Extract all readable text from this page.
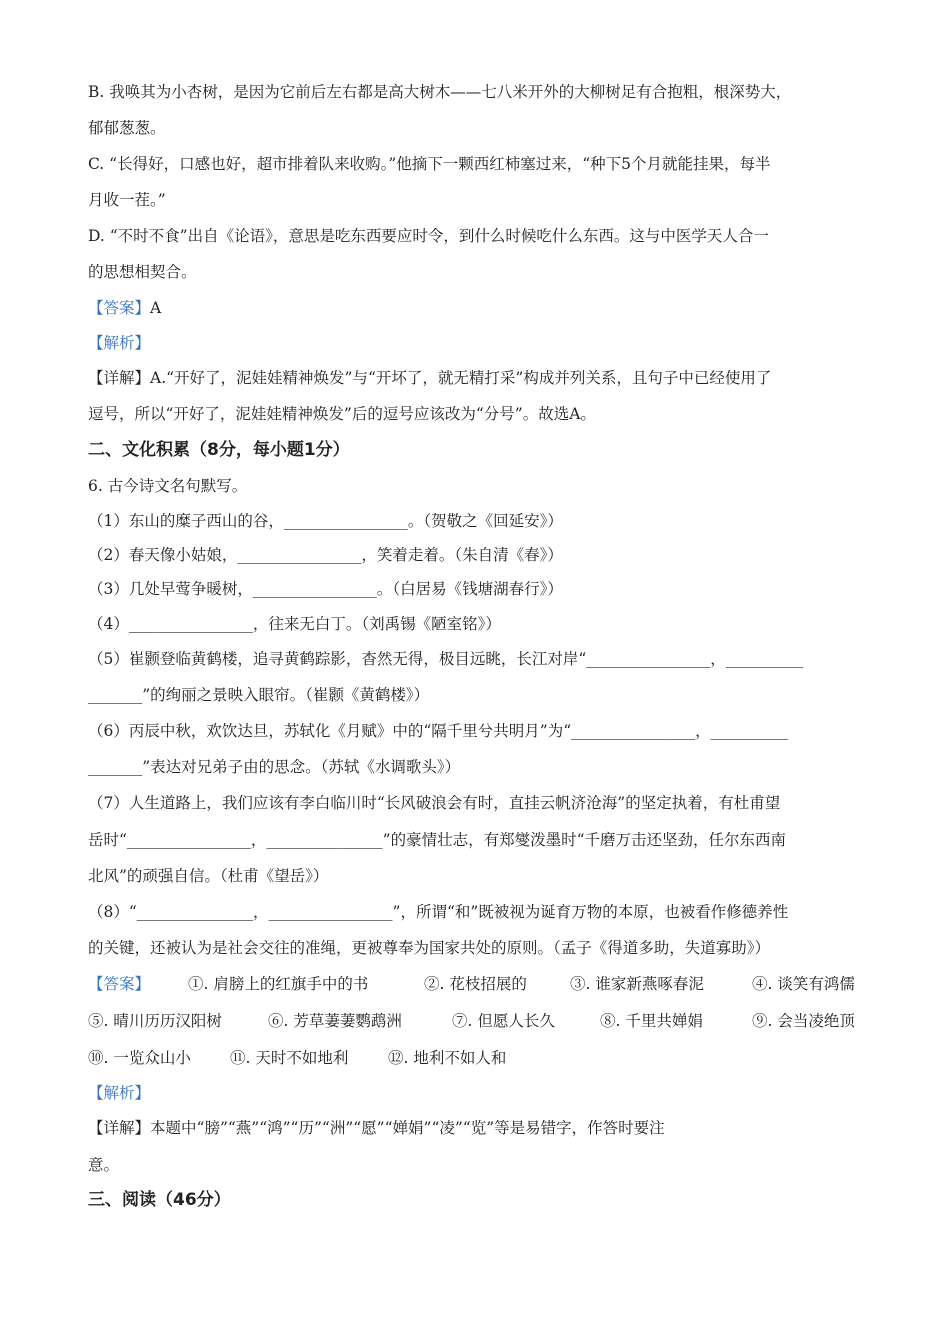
B. 我唤其为小杏树，是因为它前后左右都是高大树木——七八米开外的大柳树足有合抱粗，根深势大，
郁郁葱葱。
C. “长得好，口感也好，超市排着队来收购。”他摘下一颗西红柿塞过来，“种下5个月就能挂果，每半
月收一茬。”
D. “不时不食”出自《论语》，意思是吃东西要应时令，到什么时候吃什么东西。这与中医学天人合一
的思想相契合。
【答案】A
【解析】
【详解】A.“开好了，泥娃娃精神焕发”与“开坏了，就无精打采”构成并列关系，且句子中已经使用了
逗号，所以“开好了，泥娃娃精神焕发”后的逗号应该改为“分号”。故选A。
二、文化积累（8分，每小题1分）
6. 古今诗文名句默写。
（1）东山的糜子西山的谷，________________。（贺敬之《回延安》）
（2）春天像小姑娘，________________，笑着走着。（朱自清《春》）
（3）几处早莺争暖树，________________。（白居易《钱塘湖春行》）
（4）________________，往来无白丁。（刘禹锡《陋室铭》）
（5）崔颢登临黄鹤楼，追寻黄鹤踪影，杳然无得，极目远眺，长江对岸“________________，__________
_______”的绚丽之景映入眼帘。（崔颢《黄鹤楼》）
（6）丙辰中秋，欢饮达旦，苏轼化《月赋》中的“隔千里兮共明月”为“________________，__________
_______”表达对兄弟子由的思念。（苏轼《水调歌头》）
（7）人生道路上，我们应该有李白临川时“长风破浪会有时，直挂云帆济沧海”的坚定执着，有杜甫望
岳时“________________，_______________”的豪情壮志，有郑燮泼墨时“千磨万击还坚劲，任尔东西南
北风”的顽强自信。（杜甫《望岳》）
（8）“_______________，________________”，所谓“和”既被视为诞育万物的本原，也被看作修德养性
的关键，还被认为是社会交往的准绳，更被尊奉为国家共处的原则。（孟子《得道多助，失道寡助》）
【答案】 ①. 肩膀上的红旗手中的书	②. 花枝招展的	③. 谁家新燕啄春泥	④. 谈笑有鸿儒
⑤. 晴川历历汉阳树	⑥. 芳草萋萋鹦鹉洲	⑦. 但愿人长久	⑧. 千里共婵娟	⑨. 会当凌绝顶
⑩. 一览众山小	⑪. 天时不如地利	⑫. 地利不如人和
【解析】
【详解】本题中“膀”“燕”“鸿”“历”“洲”“愿”“婵娟”“凌”“览”等是易错字，作答时要注
意。
三、阅读（46分）
